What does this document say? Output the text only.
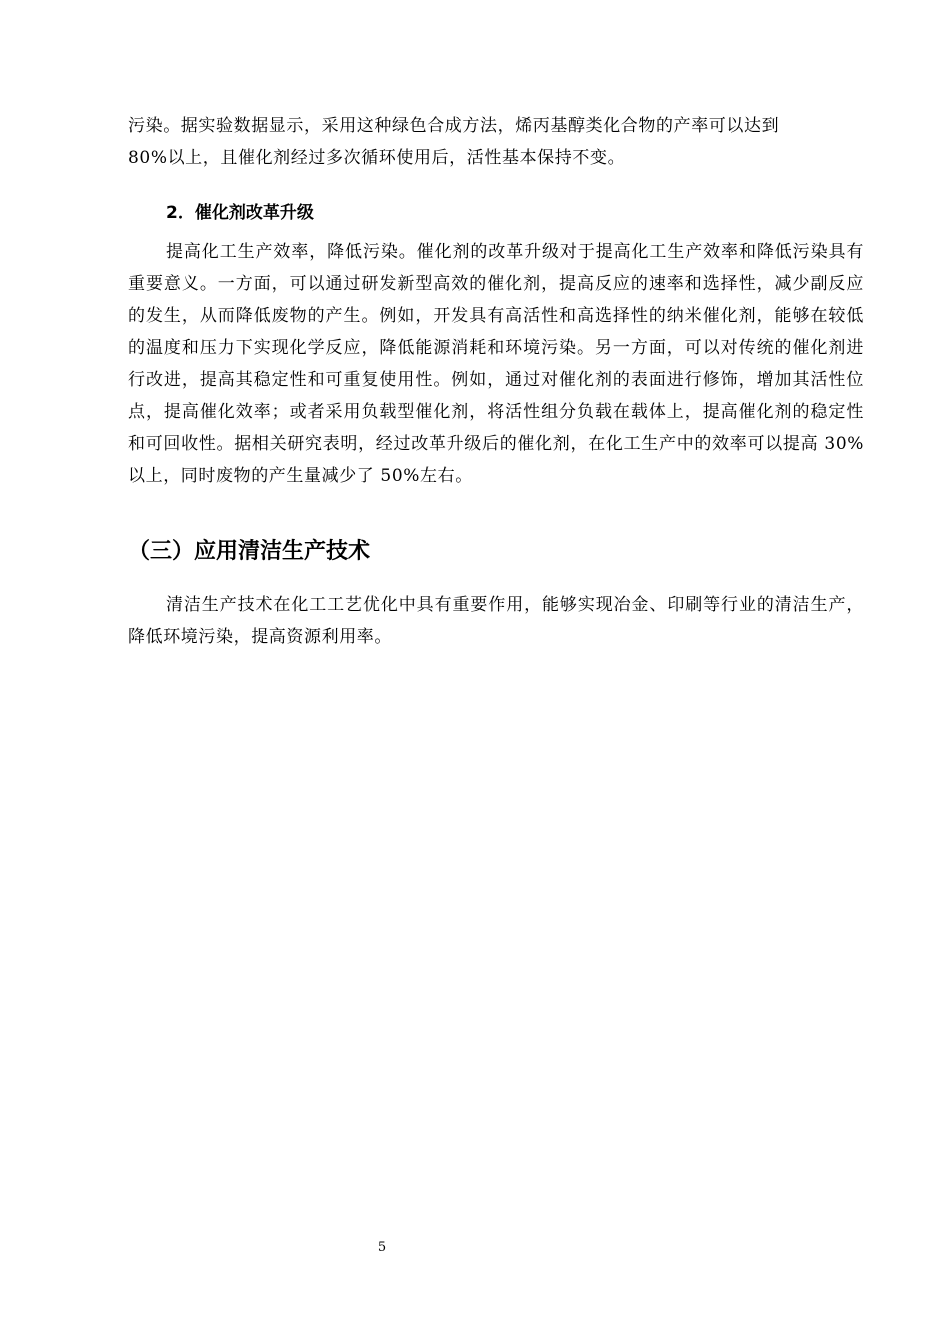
污染。据实验数据显示，采用这种绿色合成方法，烯丙基醇类化合物的产率可以达到
80%以上，且催化剂经过多次循环使用后，活性基本保持不变。
2．催化剂改革升级
提高化工生产效率，降低污染。催化剂的改革升级对于提高化工生产效率和降低污染具有重要意义。一方面，可以通过研发新型高效的催化剂，提高反应的速率和选择性，减少副反应的发生，从而降低废物的产生。例如，开发具有高活性和高选择性的纳米催化剂，能够在较低的温度和压力下实现化学反应，降低能源消耗和环境污染。另一方面，可以对传统的催化剂进行改进，提高其稳定性和可重复使用性。例如，通过对催化剂的表面进行修饰，增加其活性位点，提高催化效率；或者采用负载型催化剂，将活性组分负载在载体上，提高催化剂的稳定性和可回收性。据相关研究表明，经过改革升级后的催化剂，在化工生产中的效率可以提高 30%以上，同时废物的产生量减少了 50%左右。
（三）应用清洁生产技术
清洁生产技术在化工工艺优化中具有重要作用，能够实现冶金、印刷等行业的清洁生产，降低环境污染，提高资源利用率。
5
